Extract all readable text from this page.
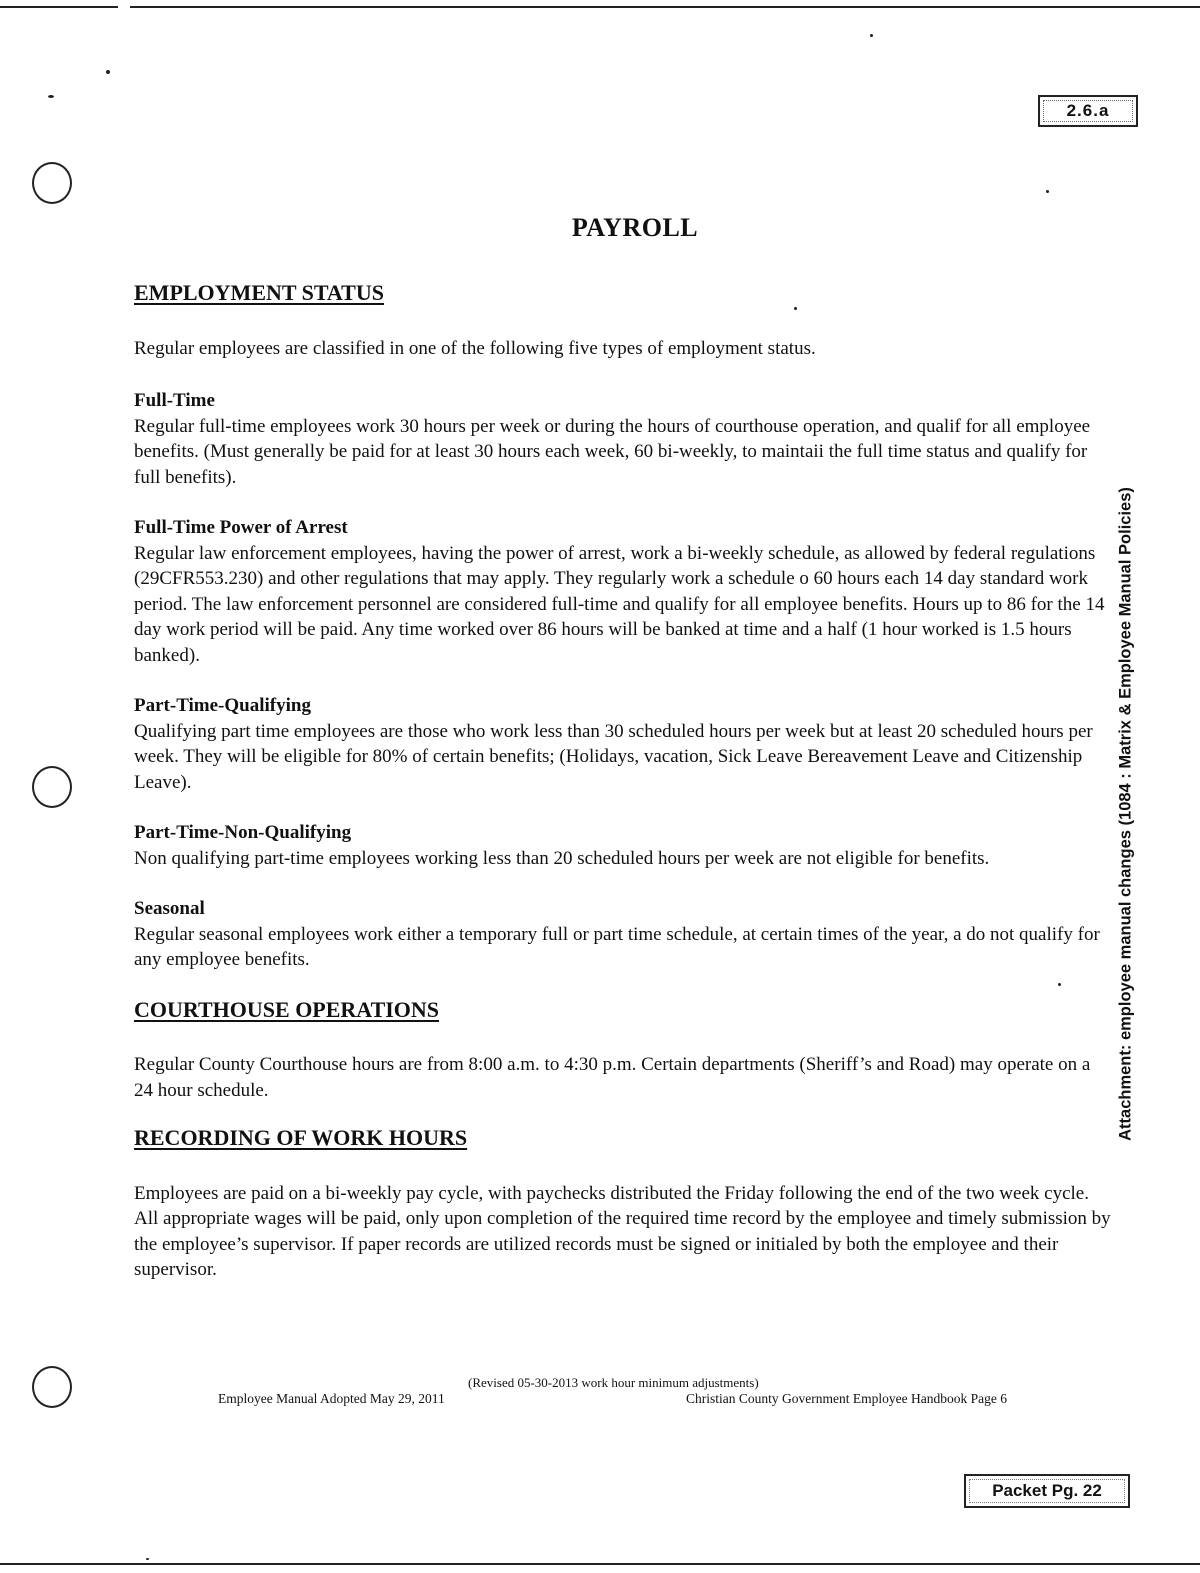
2.6.a
Attachment: employee manual changes (1084 : Matrix & Employee Manual Policies)
PAYROLL
EMPLOYMENT STATUS

Regular employees are classified in one of the following five types of employment status.

Full-Time

Regular full-time employees work 30 hours per week or during the hours of courthouse operation, and qualif for all employee benefits. (Must generally be paid for at least 30 hours each week, 60 bi-weekly, to maintaii the full time status and qualify for full benefits).

Full-Time Power of Arrest

Regular law enforcement employees, having the power of arrest, work a bi-weekly schedule, as allowed by federal regulations (29CFR553.230) and other regulations that may apply. They regularly work a schedule o 60 hours each 14 day standard work period. The law enforcement personnel are considered full-time and qualify for all employee benefits. Hours up to 86 for the 14 day work period will be paid. Any time worked over 86 hours will be banked at time and a half (1 hour worked is 1.5 hours banked).

Part-Time-Qualifying

Qualifying part time employees are those who work less than 30 scheduled hours per week but at least 20 scheduled hours per week. They will be eligible for 80% of certain benefits; (Holidays, vacation, Sick Leave Bereavement Leave and Citizenship Leave).

Part-Time-Non-Qualifying

Non qualifying part-time employees working less than 20 scheduled hours per week are not eligible for benefits.

Seasonal

Regular seasonal employees work either a temporary full or part time schedule, at certain times of the year, a do not qualify for any employee benefits.

COURTHOUSE OPERATIONS

Regular County Courthouse hours are from 8:00 a.m. to 4:30 p.m. Certain departments (Sheriff’s and Road) may operate on a 24 hour schedule.

RECORDING OF WORK HOURS

Employees are paid on a bi-weekly pay cycle, with paychecks distributed the Friday following the end of the two week cycle. All appropriate wages will be paid, only upon completion of the required time record by the employee and timely submission by the employee’s supervisor. If paper records are utilized records must be signed or initialed by both the employee and their supervisor.

(Revised 05-30-2013 work hour minimum adjustments)
Employee Manual Adopted May 29, 2011	Christian County Government Employee Handbook Page 6
Packet Pg. 22
